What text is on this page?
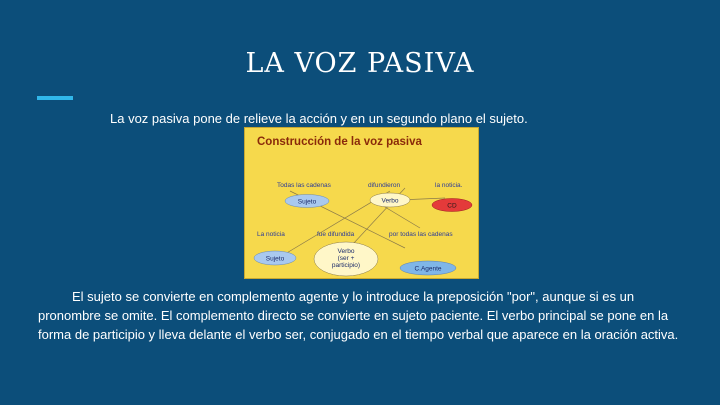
LA VOZ PASIVA
La voz pasiva pone de relieve la acción y en un segundo plano el sujeto.
Construcción de la voz pasiva
Todas las cadenas	difundieron	la noticia.
Sujeto	Verbo
CD
La noticia	fue difundida	por todas las cadenas
Sujeto
Verbo
(ser +
participio)	C.Agente
El sujeto se convierte en complemento agente y lo introduce la preposición "por", aunque si es un pronombre se omite. El complemento directo se convierte en sujeto paciente. El verbo principal se pone en la forma de participio y lleva delante el verbo ser, conjugado en el tiempo verbal que aparece en la oración activa.
